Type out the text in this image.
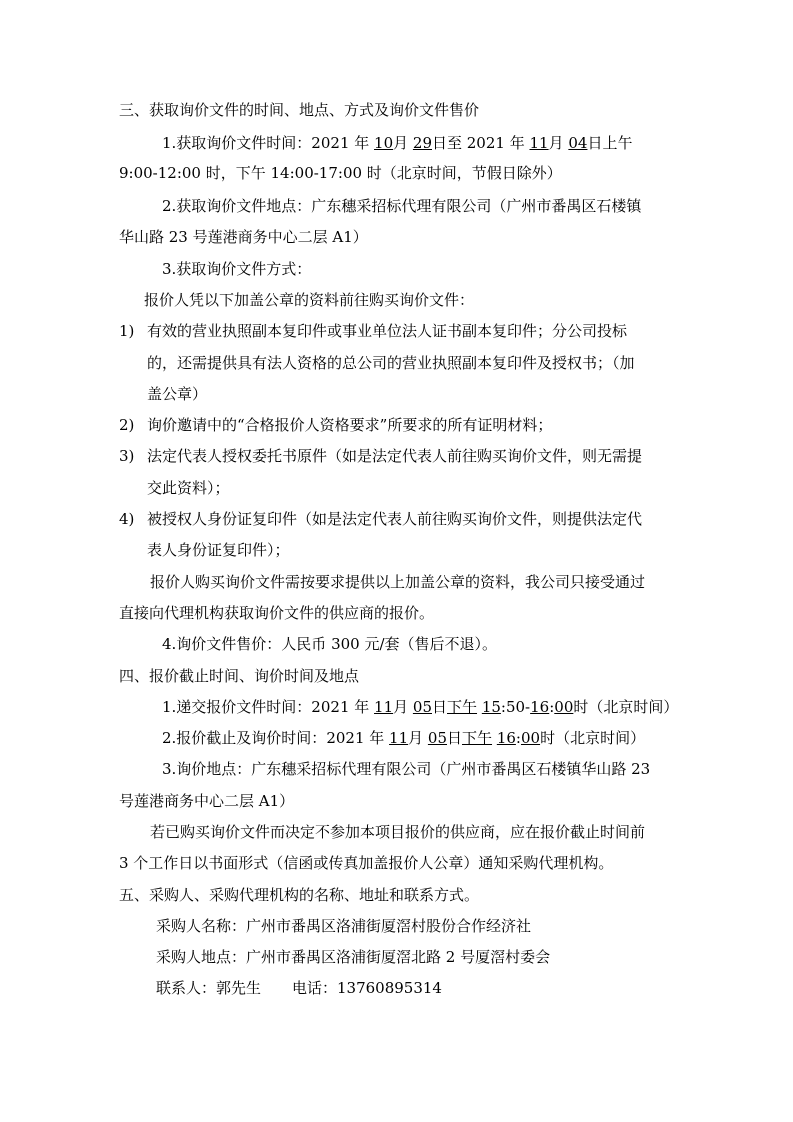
三、获取询价文件的时间、地点、方式及询价文件售价
1.获取询价文件时间：2021 年 10月 29日至 2021 年 11月 04日上午
9:00-12:00 时，下午 14:00-17:00 时（北京时间，节假日除外）
2.获取询价文件地点：广东穗采招标代理有限公司（广州市番禺区石楼镇
华山路 23 号莲港商务中心二层 A1）
3.获取询价文件方式：
报价人凭以下加盖公章的资料前往购买询价文件：
1) 有效的营业执照副本复印件或事业单位法人证书副本复印件；分公司投标
的，还需提供具有法人资格的总公司的营业执照副本复印件及授权书；（加
盖公章）
2) 询价邀请中的“合格报价人资格要求”所要求的所有证明材料；
3) 法定代表人授权委托书原件（如是法定代表人前往购买询价文件，则无需提
交此资料）；
4) 被授权人身份证复印件（如是法定代表人前往购买询价文件，则提供法定代
表人身份证复印件）；
报价人购买询价文件需按要求提供以上加盖公章的资料，我公司只接受通过
直接向代理机构获取询价文件的供应商的报价。
4.询价文件售价：人民币 300 元/套（售后不退）。
四、报价截止时间、询价时间及地点
1.递交报价文件时间：2021 年 11月 05日下午 15:50-16:00时（北京时间）
2.报价截止及询价时间：2021 年 11月 05日下午 16:00时（北京时间）
3.询价地点：广东穗采招标代理有限公司（广州市番禺区石楼镇华山路 23
号莲港商务中心二层 A1）
若已购买询价文件而决定不参加本项目报价的供应商，应在报价截止时间前
3 个工作日以书面形式（信函或传真加盖报价人公章）通知采购代理机构。
五、采购人、采购代理机构的名称、地址和联系方式。
采购人名称：广州市番禺区洛浦街厦滘村股份合作经济社
采购人地点：广州市番禺区洛浦街厦滘北路 2 号厦滘村委会
联系人：郭先生 电话：13760895314
